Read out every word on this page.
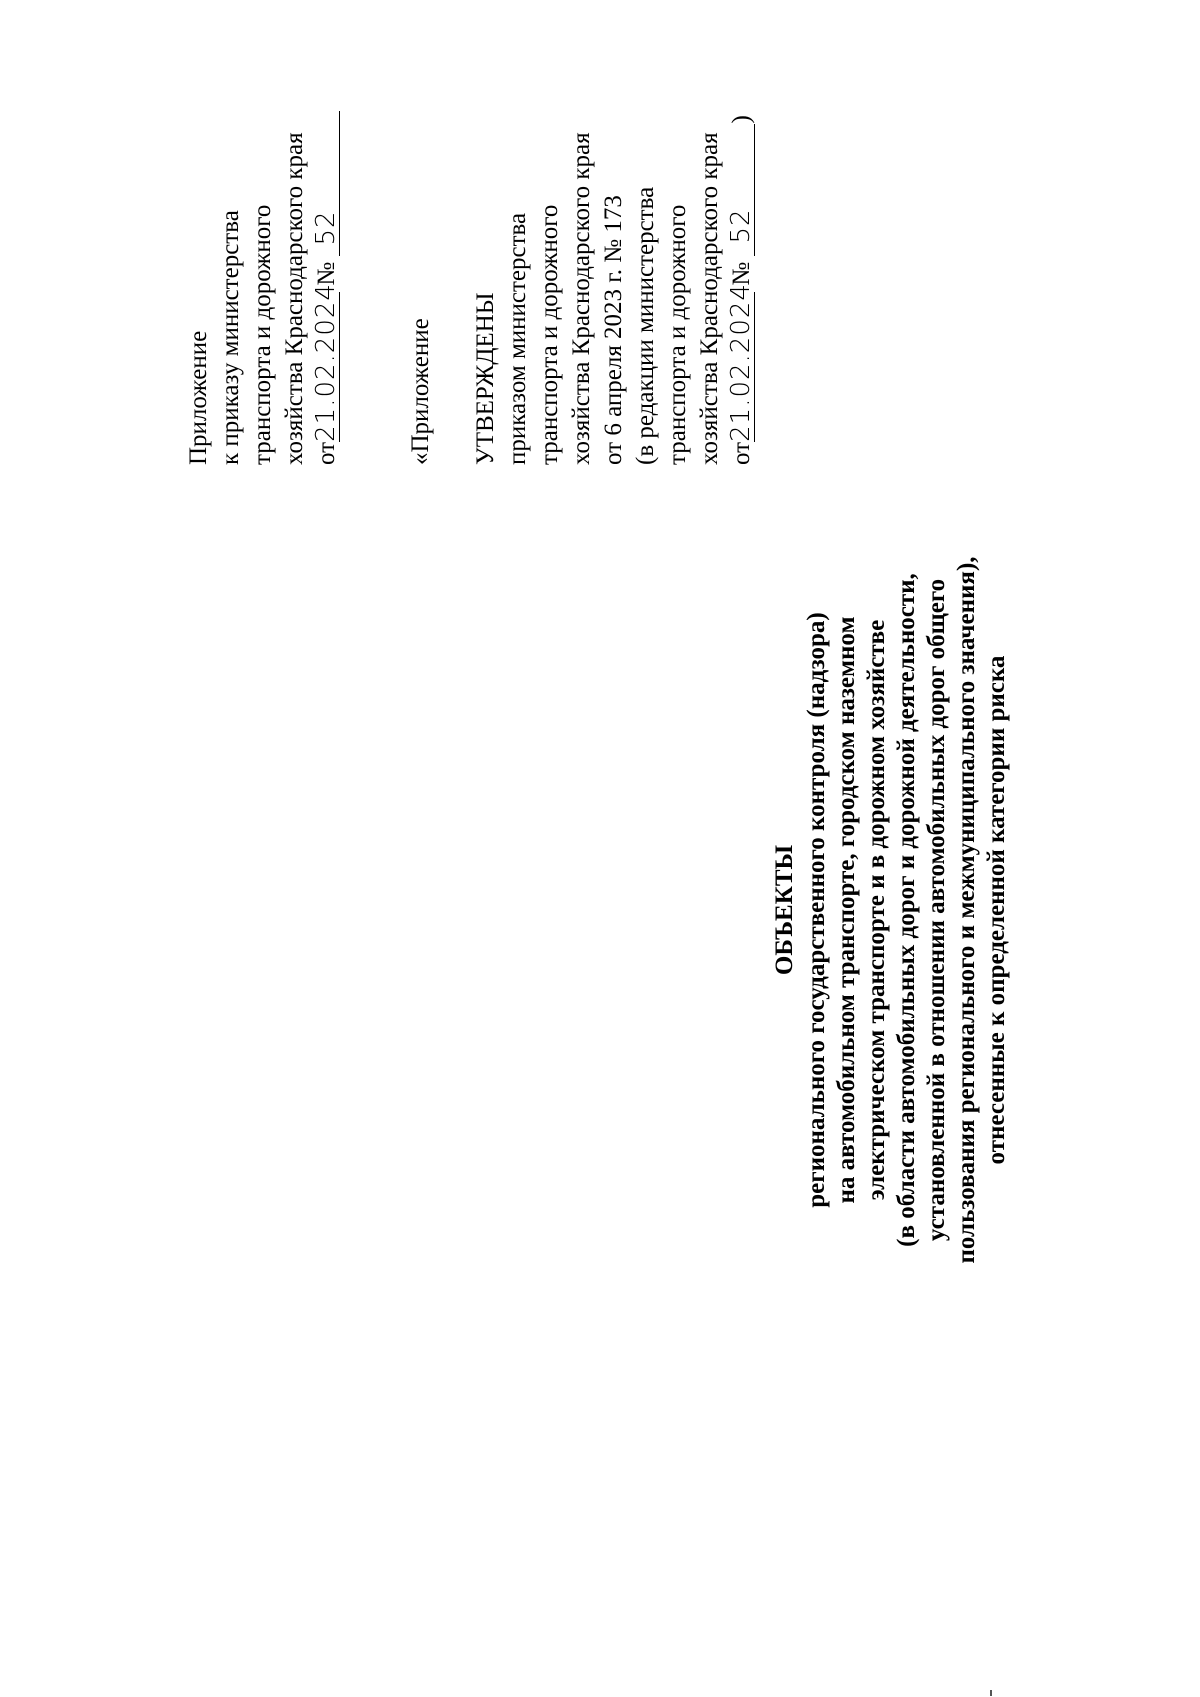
Приложение к приказу министерства транспорта и дорожного хозяйства Краснодарского края от21.02.2024 № 52
«Приложение УТВЕРЖДЕНЫ приказом министерства транспорта и дорожного хозяйства Краснодарского края от 6 апреля 2023 г. № 173 (в редакции министерства транспорта и дорожного хозяйства Краснодарского края от21.02.2024 № 52)
ОБЪЕКТЫ регионального государственного контроля (надзора) на автомобильном транспорте, городском наземном электрическом транспорте и в дорожном хозяйстве (в области автомобильных дорог и дорожной деятельности, установленной в отношении автомобильных дорог общего пользования регионального и межмуниципального значения), отнесенные к определенной категории риска
